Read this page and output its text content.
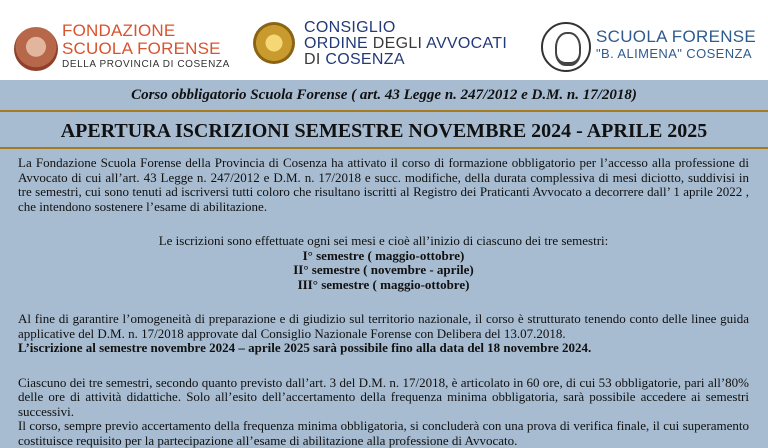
FONDAZIONE
SCUOLA FORENSE
DELLA PROVINCIA DI COSENZA
CONSIGLIO
ORDINE DEGLI AVVOCATI
DI COSENZA
SCUOLA FORENSE
"B. ALIMENA" COSENZA
Corso obbligatorio Scuola Forense ( art. 43 Legge n. 247/2012 e D.M. n. 17/2018)
APERTURA ISCRIZIONI SEMESTRE NOVEMBRE 2024 - APRILE 2025

La Fondazione Scuola Forense della Provincia di Cosenza ha attivato il corso di formazione obbligatorio per l’accesso alla professione di Avvocato di cui all’art. 43 Legge n. 247/2012 e D.M. n. 17/2018 e succ. modifiche, della durata complessiva di mesi diciotto, suddivisi in tre semestri, cui sono tenuti ad iscriversi tutti coloro che risultano iscritti al Registro dei Praticanti Avvocato a decorrere dall’ 1 aprile 2022 , che intendono sostenere l’esame di abilitazione.

Le iscrizioni sono effettuate ogni sei mesi e cioè all’inizio di ciascuno dei tre semestri:

I° semestre ( maggio-ottobre)

II° semestre ( novembre - aprile)

III° semestre ( maggio-ottobre)

Al fine di garantire l’omogeneità di preparazione e di giudizio sul territorio nazionale, il corso è strutturato tenendo conto delle linee guida applicative del D.M. n. 17/2018 approvate dal Consiglio Nazionale Forense con Delibera del 13.07.2018.

L’iscrizione al semestre novembre 2024 – aprile 2025 sarà possibile fino alla data del 18 novembre 2024.

Ciascuno dei tre semestri, secondo quanto previsto dall’art. 3 del D.M. n. 17/2018, è articolato in 60 ore, di cui 53 obbligatorie, pari all’80% delle ore di attività didattiche. Solo all’esito dell’accertamento della frequenza minima obbligatoria, sarà possibile accedere ai semestri successivi.

Il corso, sempre previo accertamento della frequenza minima obbligatoria, si concluderà con una prova di verifica finale, il cui superamento costituisce requisito per la partecipazione all’esame di abilitazione alla professione di Avvocato.
